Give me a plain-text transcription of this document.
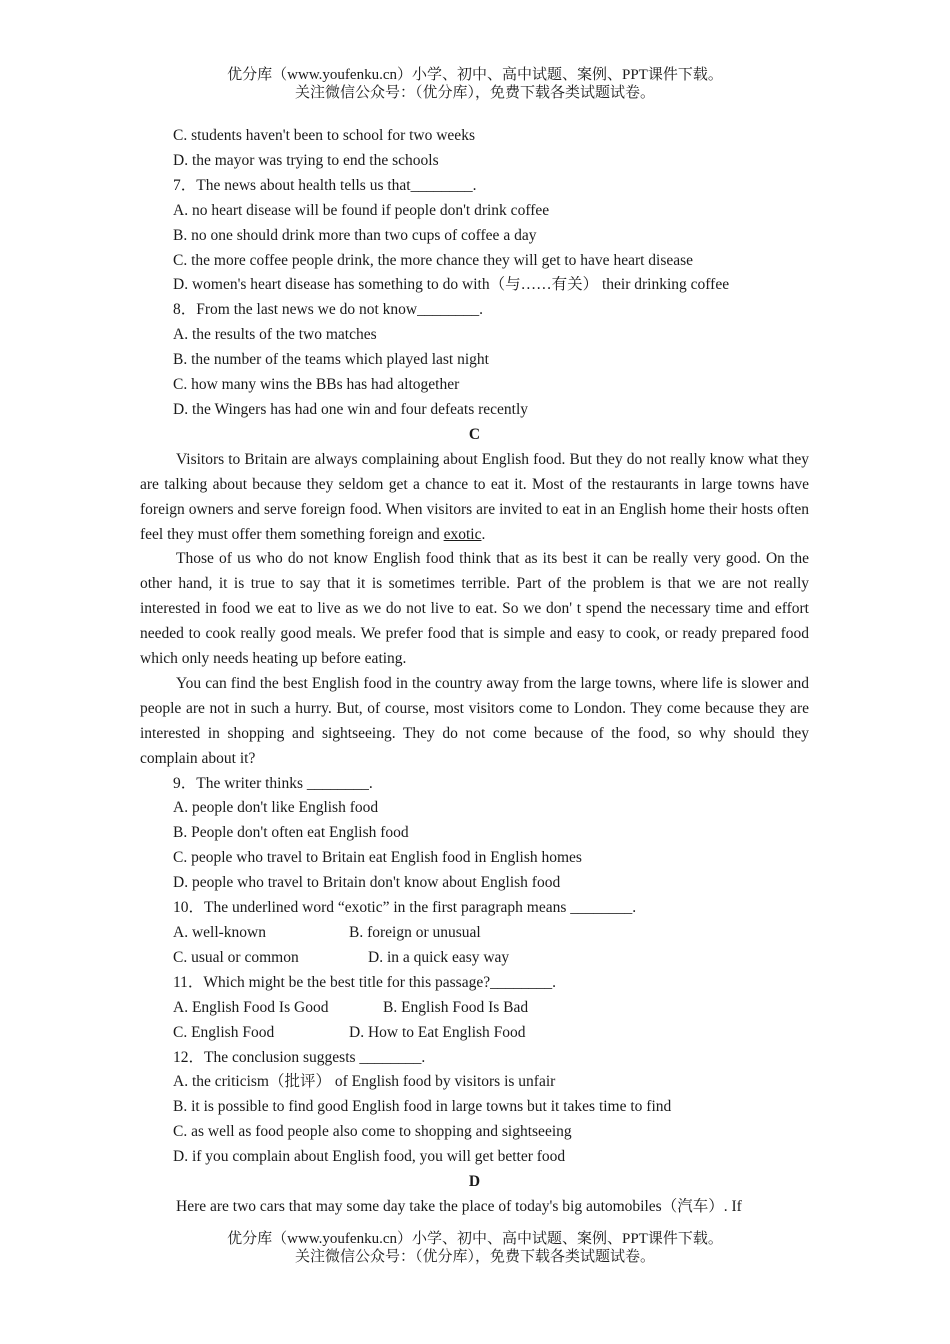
优分库（www.youfenku.cn）小学、初中、高中试题、案例、PPT课件下载。
关注微信公众号：（优分库），免费下载各类试题试卷。
C. students haven't been to school for two weeks
D. the mayor was trying to end the schools
7．The news about health tells us that________.
A. no heart disease will be found if people don't drink coffee
B. no one should drink more than two cups of coffee a day
C. the more coffee people drink, the more chance they will get to have heart disease
D. women's heart disease has something to do with（与……有关） their drinking coffee
8．From the last news we do not know________.
A. the results of the two matches
B. the number of the teams which played last night
C. how many wins the BBs has had altogether
D. the Wingers has had one win and four defeats recently
C
Visitors to Britain are always complaining about English food. But they do not really know what they are talking about because they seldom get a chance to eat it. Most of the restaurants in large towns have foreign owners and serve foreign food. When visitors are invited to eat in an English home their hosts often feel they must offer them something foreign and exotic.
Those of us who do not know English food think that as its best it can be really very good. On the other hand, it is true to say that it is sometimes terrible. Part of the problem is that we are not really interested in food we eat to live as we do not live to eat. So we don' t spend the necessary time and effort needed to cook really good meals. We prefer food that is simple and easy to cook, or ready prepared food which only needs heating up before eating.
You can find the best English food in the country away from the large towns, where life is slower and people are not in such a hurry. But, of course, most visitors come to London. They come because they are interested in shopping and sightseeing. They do not come because of the food, so why should they complain about it?
9．The writer thinks ________.
A. people don't like English food
B. People don't often eat English food
C. people who travel to Britain eat English food in English homes
D. people who travel to Britain don't know about English food
10．The underlined word “exotic” in the first paragraph means ________.
A. well-known	B. foreign or unusual
C. usual or common	D. in a quick easy way
11．Which might be the best title for this passage?________.
A. English Food Is Good	B. English Food Is Bad
C. English Food	D. How to Eat English Food
12．The conclusion suggests ________.
A. the criticism（批评） of English food by visitors is unfair
B. it is possible to find good English food in large towns but it takes time to find
C. as well as food people also come to shopping and sightseeing
D. if you complain about English food, you will get better food
D
Here are two cars that may some day take the place of today's big automobiles（汽车）. If
优分库（www.youfenku.cn）小学、初中、高中试题、案例、PPT课件下载。
关注微信公众号：（优分库），免费下载各类试题试卷。
